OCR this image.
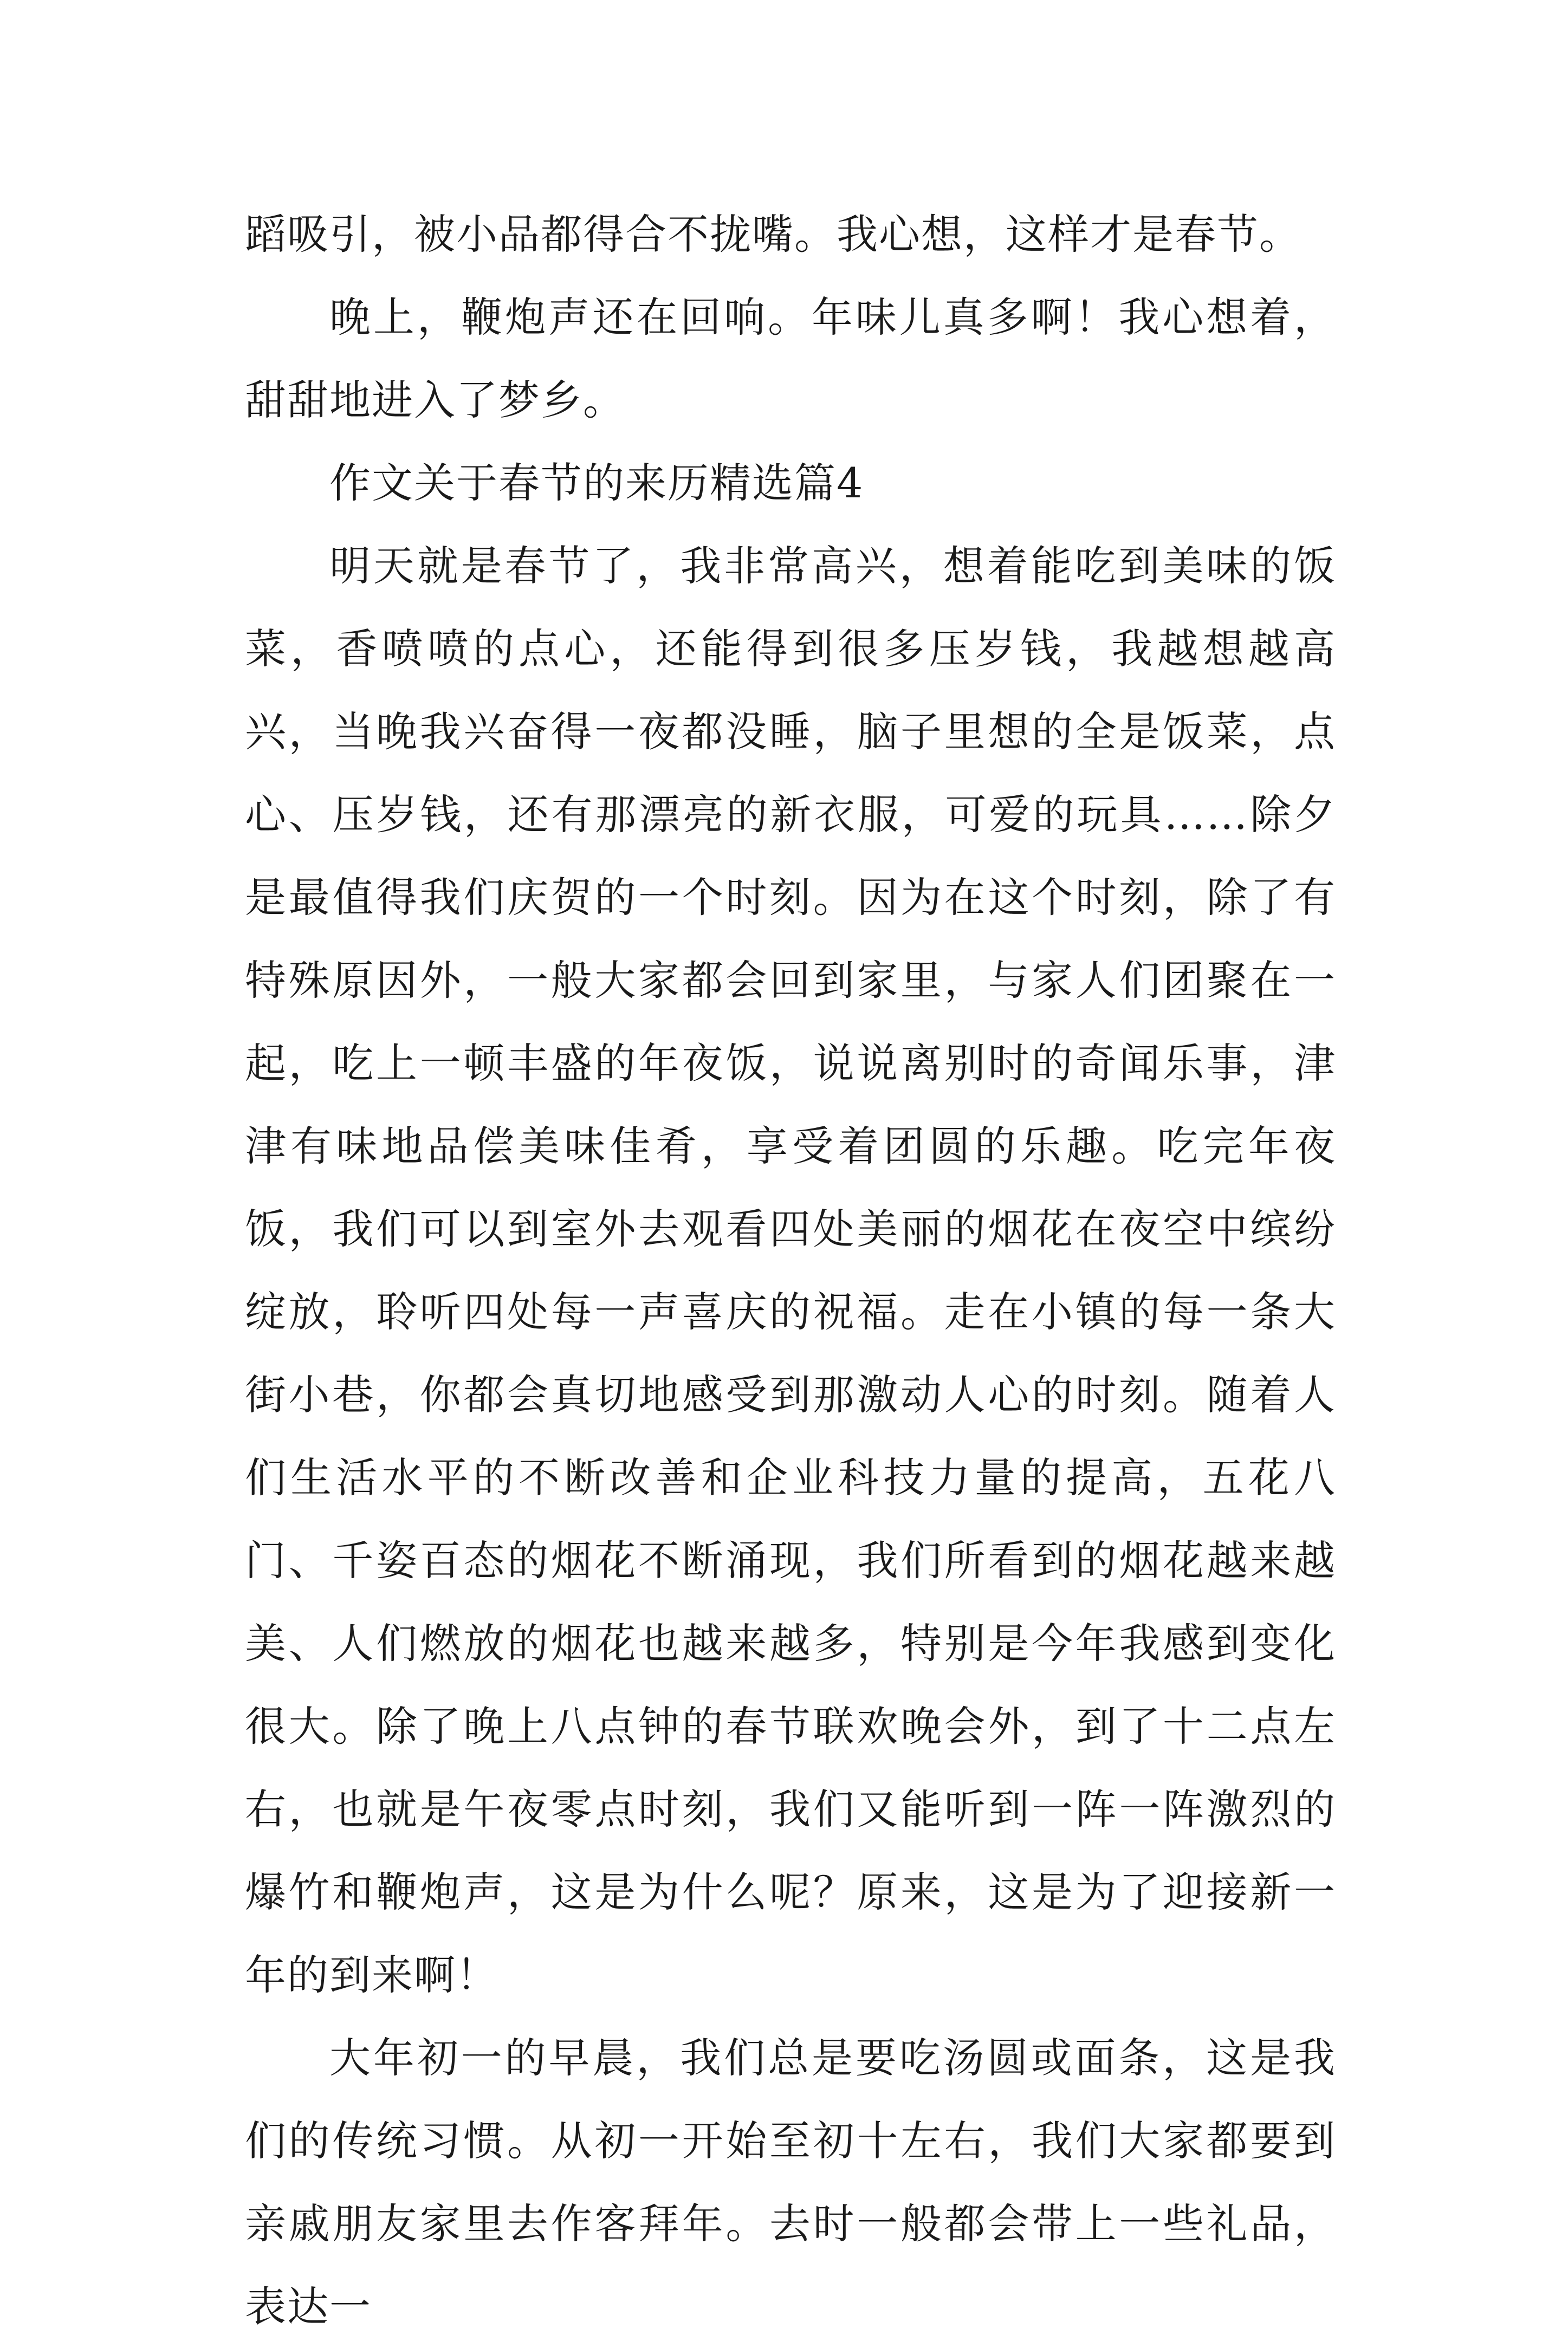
蹈吸引，被小品都得合不拢嘴。我心想，这样才是春节。

晚上，鞭炮声还在回响。年味儿真多啊！我心想着，甜甜地进入了梦乡。

作文关于春节的来历精选篇4

明天就是春节了，我非常高兴，想着能吃到美味的饭菜，香喷喷的点心，还能得到很多压岁钱，我越想越高兴，当晚我兴奋得一夜都没睡，脑子里想的全是饭菜，点心、压岁钱，还有那漂亮的新衣服，可爱的玩具……除夕是最值得我们庆贺的一个时刻。因为在这个时刻，除了有特殊原因外，一般大家都会回到家里，与家人们团聚在一起，吃上一顿丰盛的年夜饭，说说离别时的奇闻乐事，津津有味地品偿美味佳肴，享受着团圆的乐趣。吃完年夜饭，我们可以到室外去观看四处美丽的烟花在夜空中缤纷绽放，聆听四处每一声喜庆的祝福。走在小镇的每一条大街小巷，你都会真切地感受到那激动人心的时刻。随着人们生活水平的不断改善和企业科技力量的提高，五花八门、千姿百态的烟花不断涌现，我们所看到的烟花越来越美、人们燃放的烟花也越来越多，特别是今年我感到变化很大。除了晚上八点钟的春节联欢晚会外，到了十二点左右，也就是午夜零点时刻，我们又能听到一阵一阵激烈的爆竹和鞭炮声，这是为什么呢？原来，这是为了迎接新一年的到来啊！

大年初一的早晨，我们总是要吃汤圆或面条，这是我们的传统习惯。从初一开始至初十左右，我们大家都要到亲戚朋友家里去作客拜年。去时一般都会带上一些礼品，表达一
